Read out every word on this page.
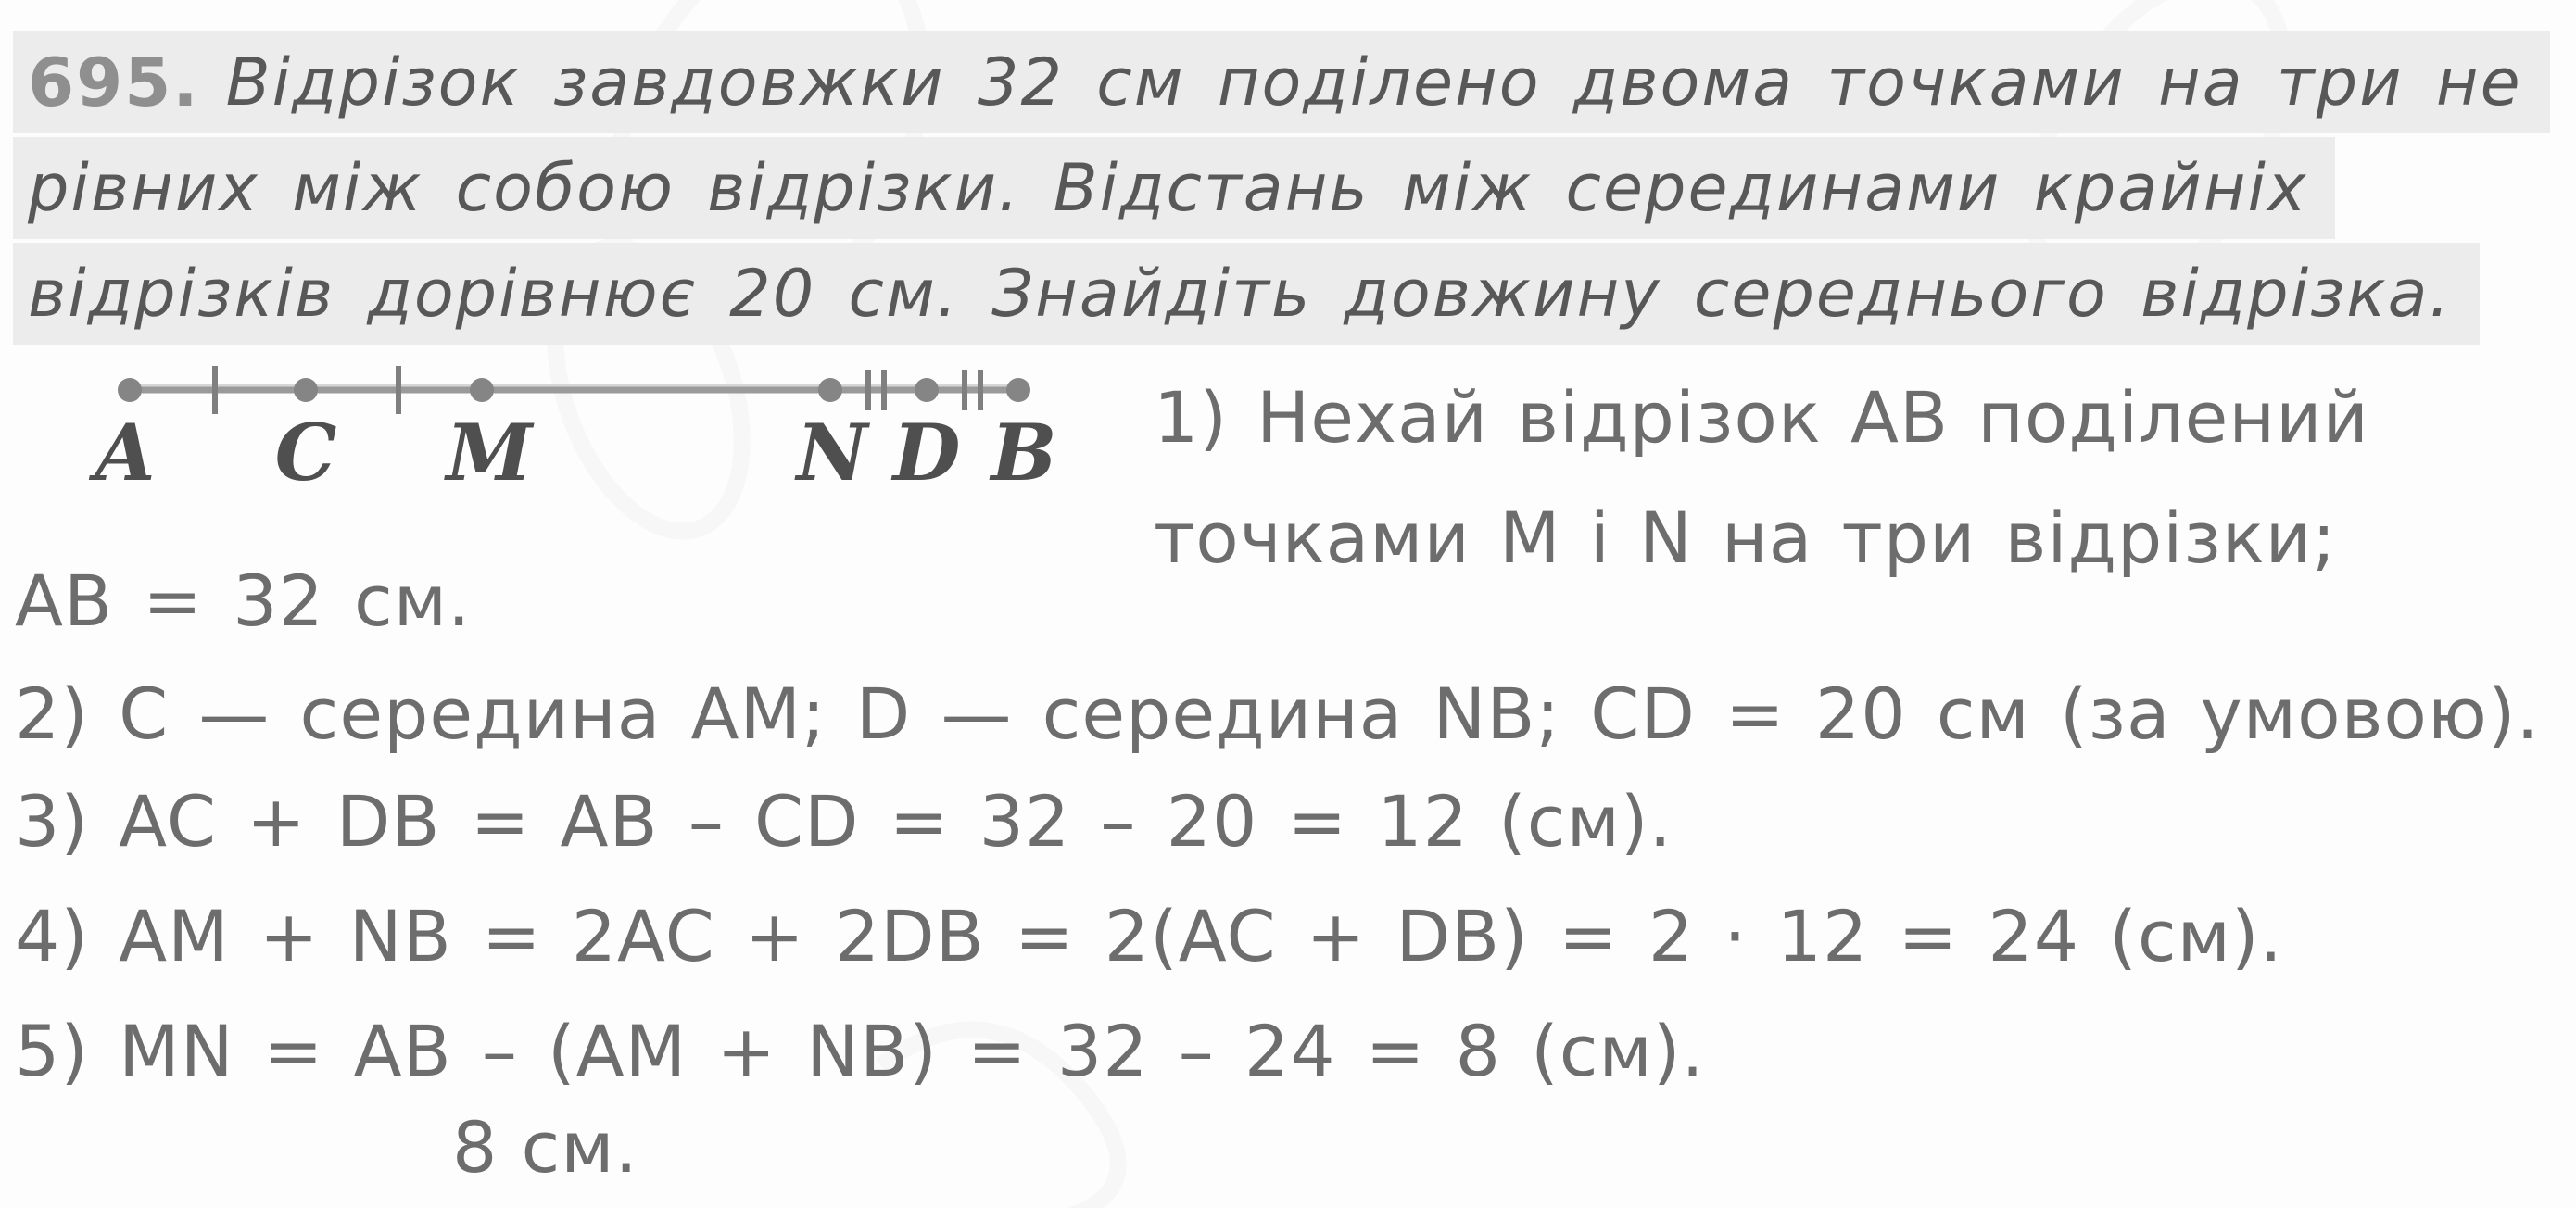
695. Відрізок завдовжки 32 см поділено двома точками на три не
рівних між собою відрізки. Відстань між серединами крайніх
відрізків дорівнює 20 см. Знайдіть довжину середнього відрізка.
A C M	N D B 1) Нехай відрізок AB поділений
точками M і N на три відрізки;
AB = 32 см.
2) C — середина AM; D — середина NB; CD = 20 см (за умовою).
3) AC + DB = AB – CD = 32 – 20 = 12 (см).
4) AM + NB = 2AC + 2DB = 2(AC + DB) = 2 · 12 = 24 (см).
5) MN = AB – (AM + NB) = 32 – 24 = 8 (см).
8 см.
